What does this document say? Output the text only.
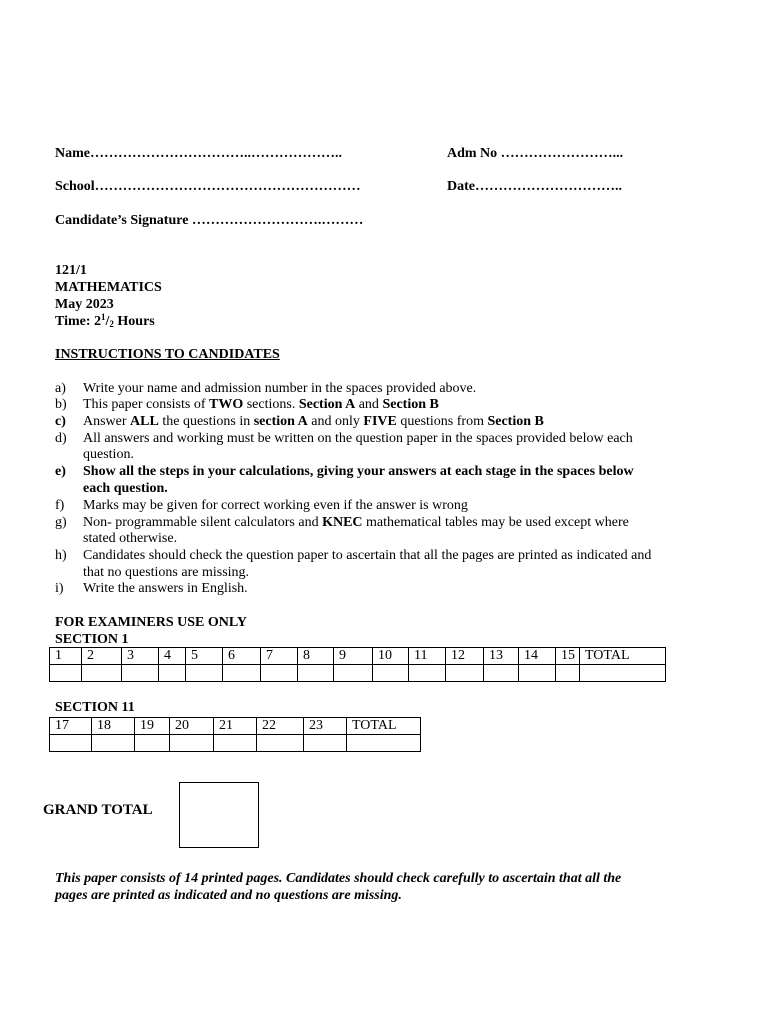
Name……………………………..………………..	Adm No ……………………...
School…………………………………………………	Date…………………………..
Candidate’s Signature ……………………….………
121/1
MATHEMATICS
May 2023
Time: $2^1/2$ Hours
INSTRUCTIONS TO CANDIDATES
a) Write your name and admission number in the spaces provided above.
b) This paper consists of TWO sections. Section A and Section B
c) Answer ALL the questions in section A and only FIVE questions from Section B
d) All answers and working must be written on the question paper in the spaces provided below each
question.
e) Show all the steps in your calculations, giving your answers at each stage in the spaces below
each question.
f) Marks may be given for correct working even if the answer is wrong
g) Non- programmable silent calculators and KNEC mathematical tables may be used except where
stated otherwise.
h) Candidates should check the question paper to ascertain that all the pages are printed as indicated and
that no questions are missing.
i) Write the answers in English.
FOR EXAMINERS USE ONLY
SECTION 1
1	2	3	4	5	6	7	8	9	10	11	12	13	14	15	TOTAL

SECTION 11
17	18	19	20	21	22	23	TOTAL

GRAND TOTAL
This paper consists of 14 printed pages. Candidates should check carefully to ascertain that all the
pages are printed as indicated and no questions are missing.
